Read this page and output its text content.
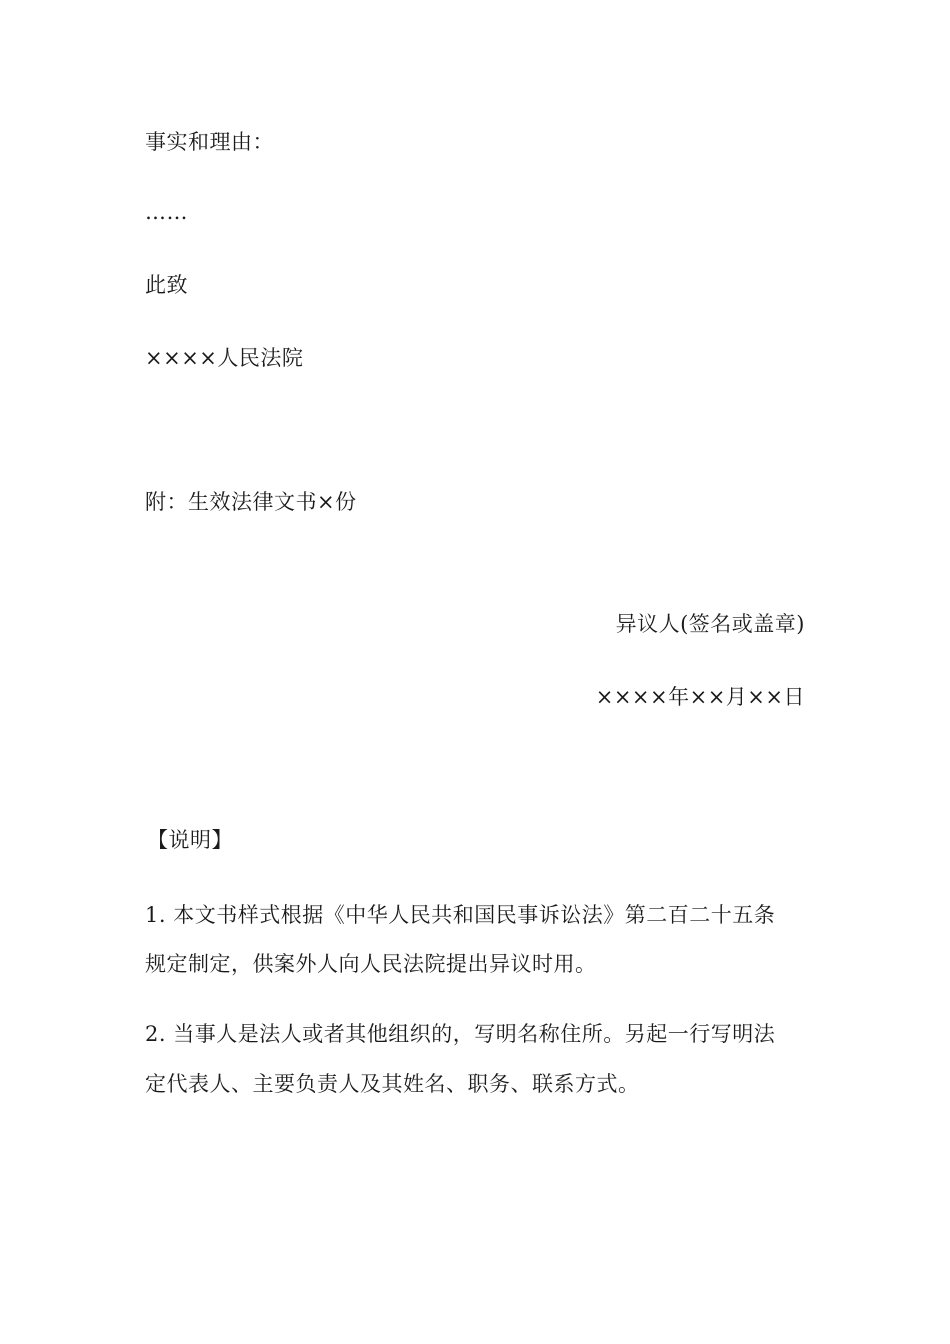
事实和理由：
……
此致
××××人民法院
附：生效法律文书×份
异议人(签名或盖章)
××××年××月××日
【说明】
1. 本文书样式根据《中华人民共和国民事诉讼法》第二百二十五条
规定制定，供案外人向人民法院提出异议时用。
2. 当事人是法人或者其他组织的，写明名称住所。另起一行写明法
定代表人、主要负责人及其姓名、职务、联系方式。
